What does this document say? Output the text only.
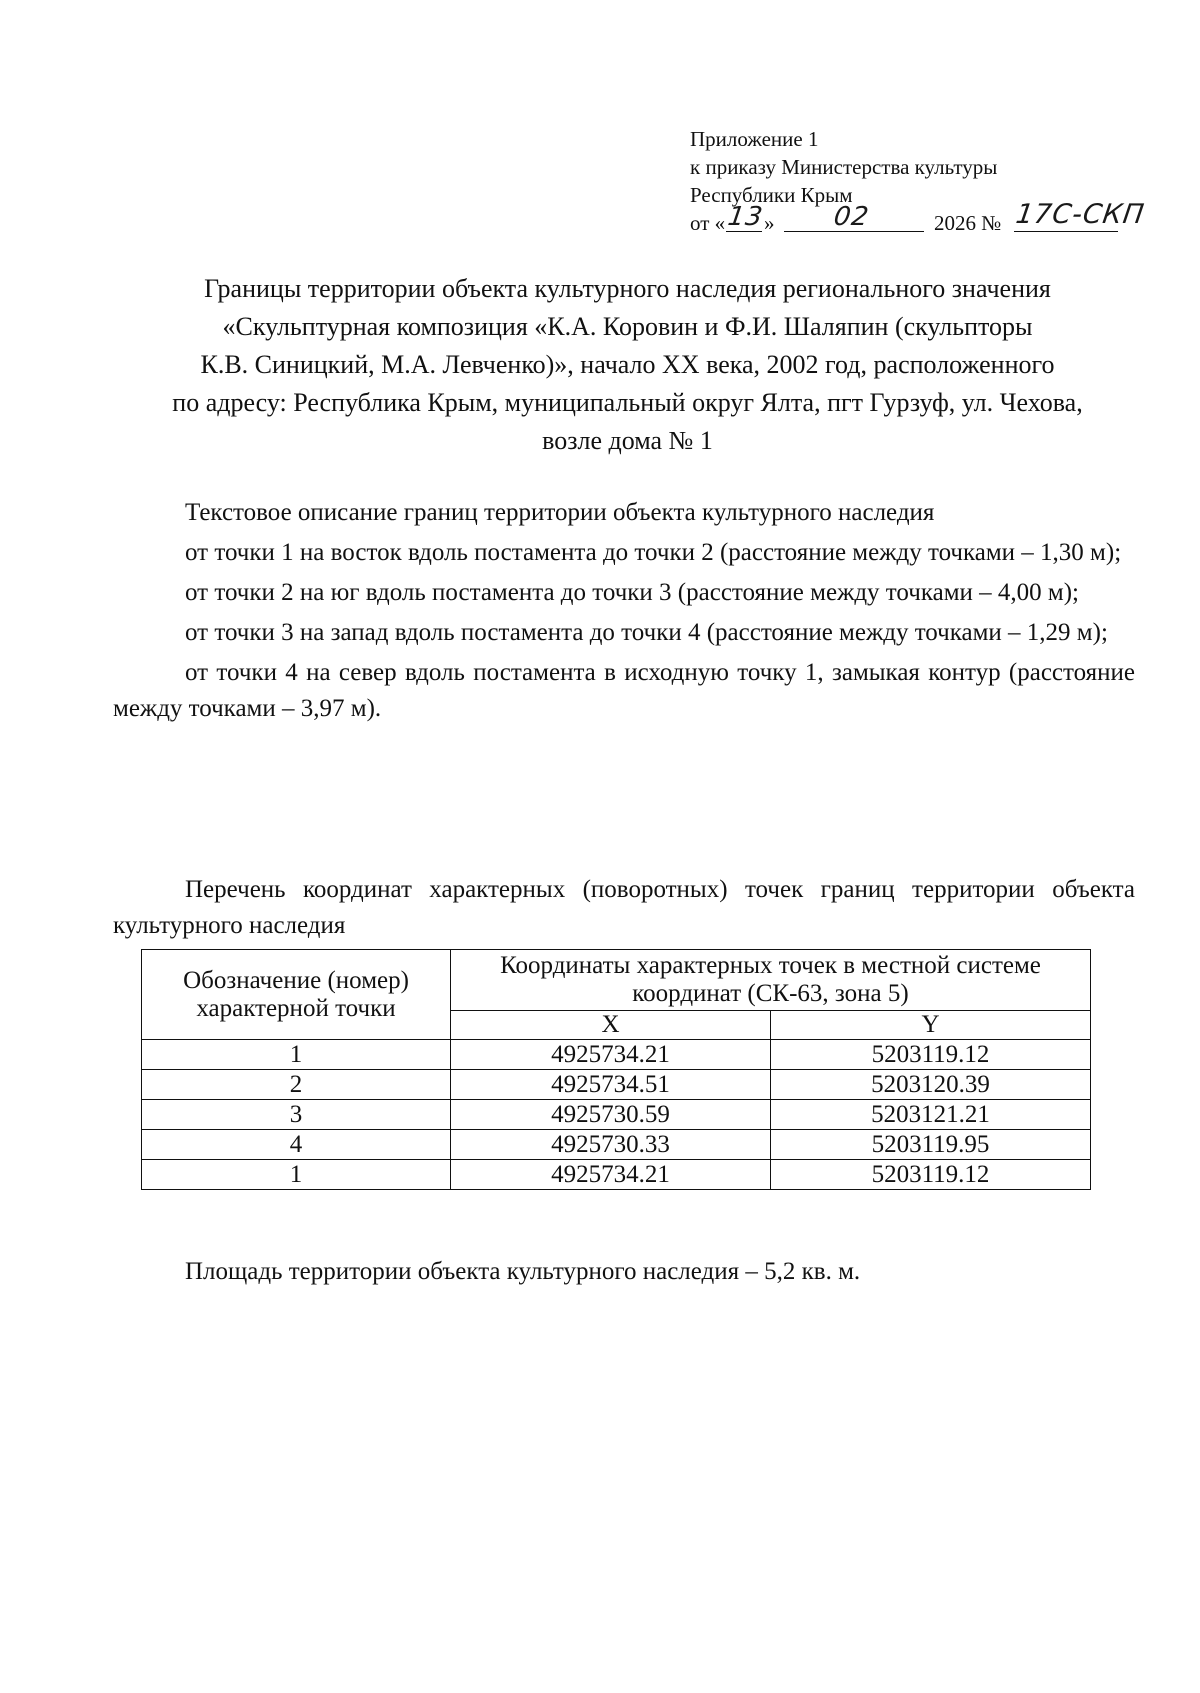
Приложение 1
к приказу Министерства культуры
Республики Крым
от « 13
» 02	2026 № 17С-СКП
Границы территории объекта культурного наследия регионального значения
«Скульптурная композиция «К.А. Коровин и Ф.И. Шаляпин (скульпторы
К.В. Синицкий, М.А. Левченко)», начало XX века, 2002 год, расположенного
по адресу: Республика Крым, муниципальный округ Ялта, пгт Гурзуф, ул. Чехова,
возле дома № 1
Текстовое описание границ территории объекта культурного наследия

от точки 1 на восток вдоль постамента до точки 2 (расстояние между точками – 1,30 м);

от точки 2 на юг вдоль постамента до точки 3 (расстояние между точками – 4,00 м);

от точки 3 на запад вдоль постамента до точки 4 (расстояние между точками – 1,29 м);

от точки 4 на север вдоль постамента в исходную точку 1, замыкая контур (расстояние между точками – 3,97 м).

Перечень координат характерных (поворотных) точек границ территории объекта культурного наследия
Обозначение (номер) характерной точки	Координаты характерных точек в местной системе координат (СК-63, зона 5)	
	X	Y
1	4925734.21	5203119.12
2	4925734.51	5203120.39
3	4925730.59	5203121.21
4	4925730.33	5203119.95
1	4925734.21	5203119.12
Площадь территории объекта культурного наследия – 5,2 кв. м.
